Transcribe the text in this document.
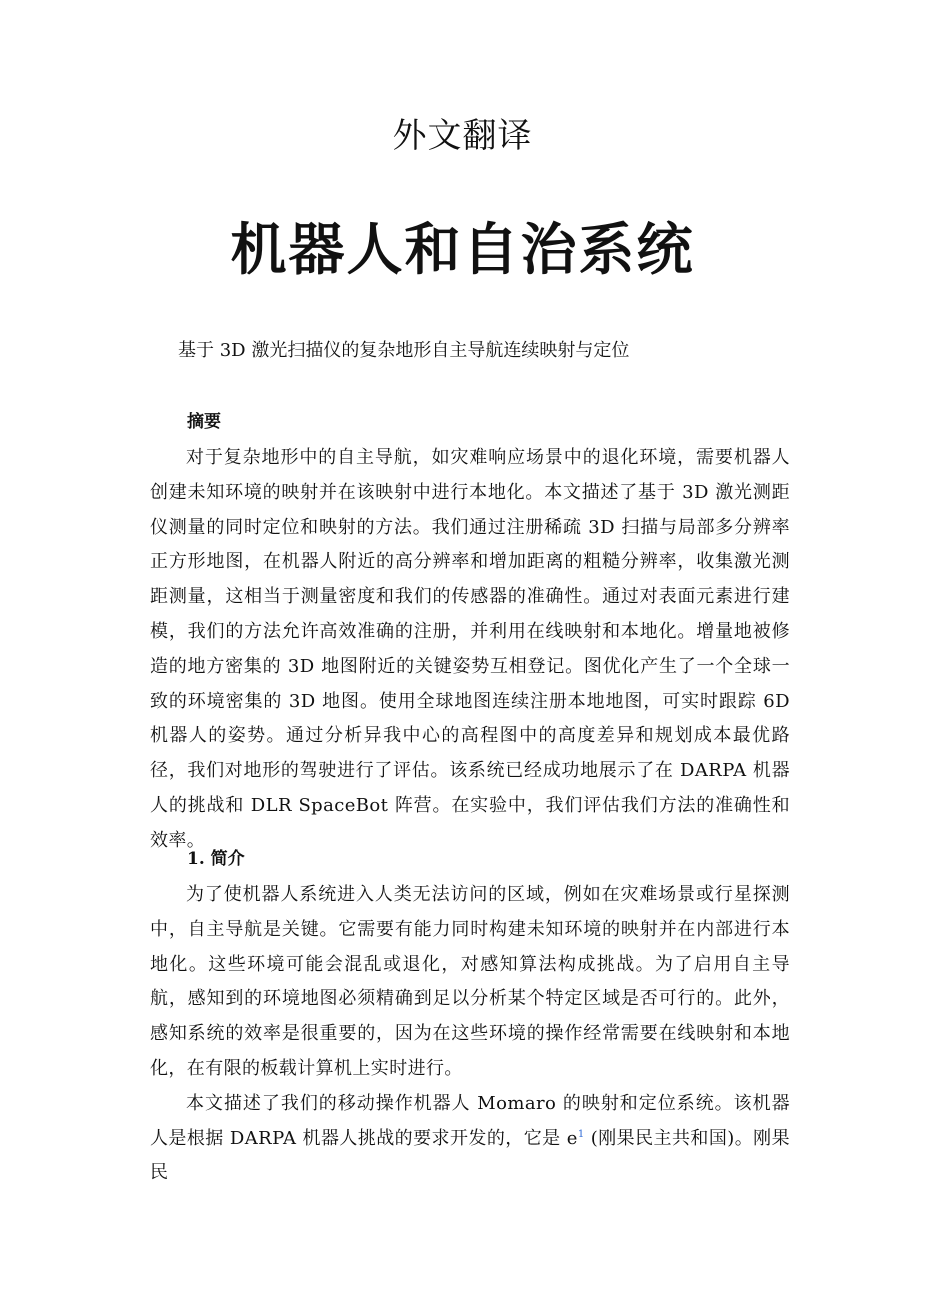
外文翻译
机器人和自治系统

基于 3D 激光扫描仪的复杂地形自主导航连续映射与定位

摘要

对于复杂地形中的自主导航，如灾难响应场景中的退化环境，需要机器人创建未知环境的映射并在该映射中进行本地化。本文描述了基于 3D 激光测距仪测量的同时定位和映射的方法。我们通过注册稀疏 3D 扫描与局部多分辨率正方形地图，在机器人附近的高分辨率和增加距离的粗糙分辨率，收集激光测距测量，这相当于测量密度和我们的传感器的准确性。通过对表面元素进行建模，我们的方法允许高效准确的注册，并利用在线映射和本地化。增量地被修造的地方密集的 3D 地图附近的关键姿势互相登记。图优化产生了一个全球一致的环境密集的 3D 地图。使用全球地图连续注册本地地图，可实时跟踪 6D 机器人的姿势。通过分析异我中心的高程图中的高度差异和规划成本最优路径，我们对地形的驾驶进行了评估。该系统已经成功地展示了在 DARPA 机器人的挑战和 DLR SpaceBot 阵营。在实验中，我们评估我们方法的准确性和效率。

1. 简介

为了使机器人系统进入人类无法访问的区域，例如在灾难场景或行星探测中，自主导航是关键。它需要有能力同时构建未知环境的映射并在内部进行本地化。这些环境可能会混乱或退化，对感知算法构成挑战。为了启用自主导航，感知到的环境地图必须精确到足以分析某个特定区域是否可行的。此外，感知系统的效率是很重要的，因为在这些环境的操作经常需要在线映射和本地化，在有限的板载计算机上实时进行。

本文描述了我们的移动操作机器人 Momaro 的映射和定位系统。该机器人是根据 DARPA 机器人挑战的要求开发的，它是 e$^1$ (刚果民主共和国)。刚果民
